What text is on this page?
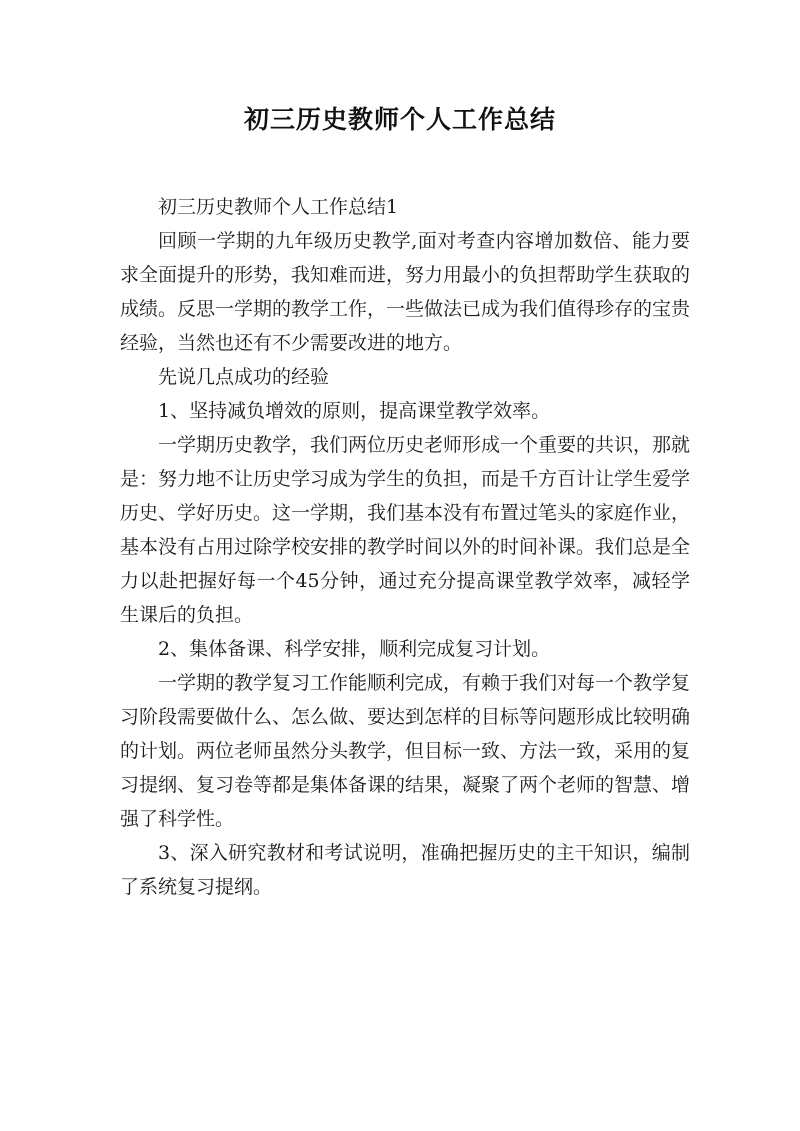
初三历史教师个人工作总结

初三历史教师个人工作总结1

回顾一学期的九年级历史教学,面对考查内容增加数倍、能力要求全面提升的形势，我知难而进，努力用最小的负担帮助学生获取的成绩。反思一学期的教学工作，一些做法已成为我们值得珍存的宝贵经验，当然也还有不少需要改进的地方。

先说几点成功的经验

1、坚持减负增效的原则，提高课堂教学效率。

一学期历史教学，我们两位历史老师形成一个重要的共识，那就是：努力地不让历史学习成为学生的负担，而是千方百计让学生爱学历史、学好历史。这一学期，我们基本没有布置过笔头的家庭作业，基本没有占用过除学校安排的教学时间以外的时间补课。我们总是全力以赴把握好每一个45分钟，通过充分提高课堂教学效率，减轻学生课后的负担。

2、集体备课、科学安排，顺利完成复习计划。

一学期的教学复习工作能顺利完成，有赖于我们对每一个教学复习阶段需要做什么、怎么做、要达到怎样的目标等问题形成比较明确的计划。两位老师虽然分头教学，但目标一致、方法一致，采用的复习提纲、复习卷等都是集体备课的结果，凝聚了两个老师的智慧、增强了科学性。

3、深入研究教材和考试说明，准确把握历史的主干知识，编制了系统复习提纲。
